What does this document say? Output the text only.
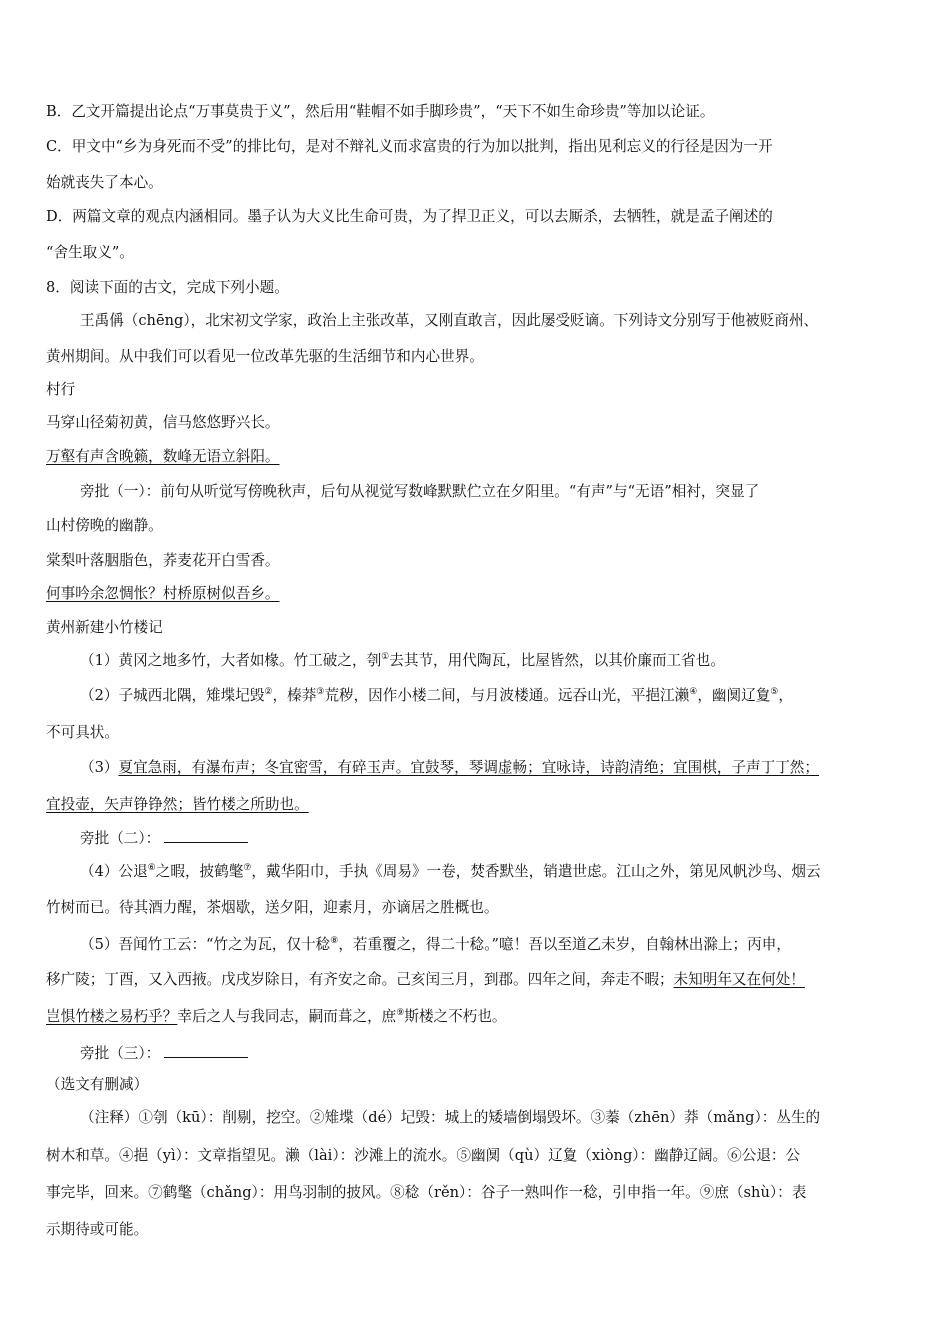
B．乙文开篇提出论点“万事莫贵于义”，然后用“鞋帽不如手脚珍贵”，“天下不如生命珍贵”等加以论证。
C．甲文中“乡为身死而不受”的排比句，是对不辩礼义而求富贵的行为加以批判，指出见利忘义的行径是因为一开
始就丧失了本心。
D．两篇文章的观点内涵相同。墨子认为大义比生命可贵，为了捍卫正义，可以去厮杀，去牺牲，就是孟子阐述的
“舍生取义”。
8．阅读下面的古文，完成下列小题。
王禹偁（chēng），北宋初文学家，政治上主张改革，又刚直敢言，因此屡受贬谪。下列诗文分别写于他被贬商州、
黄州期间。从中我们可以看见一位改革先驱的生活细节和内心世界。
村行
马穿山径菊初黄，信马悠悠野兴长。
万壑有声含晚籁，数峰无语立斜阳。
旁批（一）：前句从听觉写傍晚秋声，后句从视觉写数峰默默伫立在夕阳里。“有声”与“无语”相衬，突显了
山村傍晚的幽静。
棠梨叶落胭脂色，荞麦花开白雪香。
何事吟余忽惆怅？村桥原树似吾乡。
黄州新建小竹楼记
（1）黄冈之地多竹，大者如椽。竹工破之，刳①去其节，用代陶瓦，比屋皆然，以其价廉而工省也。
（2）子城西北隅，雉堞圮毁②，榛莽③荒秽，因作小楼二间，与月波楼通。远吞山光，平挹江濑④，幽阒辽夐⑤，
不可具状。
（3）夏宜急雨，有瀑布声；冬宜密雪，有碎玉声。宜鼓琴，琴调虚畅；宜咏诗，诗韵清绝；宜围棋，子声丁丁然；
宜投壶，矢声铮铮然；皆竹楼之所助也。
旁批（二）：
（4）公退⑥之暇，披鹤氅⑦，戴华阳巾，手执《周易》一卷，焚香默坐，销遣世虑。江山之外，第见风帆沙鸟、烟云
竹树而已。待其酒力醒，茶烟歇，送夕阳，迎素月，亦谪居之胜概也。
（5）吾闻竹工云：“竹之为瓦，仅十稔⑧，若重覆之，得二十稔。”噫！吾以至道乙未岁，自翰林出滁上；丙申，
移广陵；丁酉，又入西掖。戊戌岁除日，有齐安之命。己亥闰三月，到郡。四年之间，奔走不暇；未知明年又在何处！
岂惧竹楼之易朽乎？幸后之人与我同志，嗣而葺之，庶⑨斯楼之不朽也。
旁批（三）：
（选文有删减）
（注释）①刳（kū）：削剔，挖空。②雉堞（dé）圮毁：城上的矮墙倒塌毁坏。③蓁（zhēn）莽（mǎng）：丛生的
树木和草。④挹（yì）：文章指望见。濑（lài）：沙滩上的流水。⑤幽阒（qù）辽夐（xiòng）：幽静辽阔。⑥公退：公
事完毕，回来。⑦鹤氅（chǎng）：用鸟羽制的披风。⑧稔（rěn）：谷子一熟叫作一稔，引申指一年。⑨庶（shù）：表
示期待或可能。
